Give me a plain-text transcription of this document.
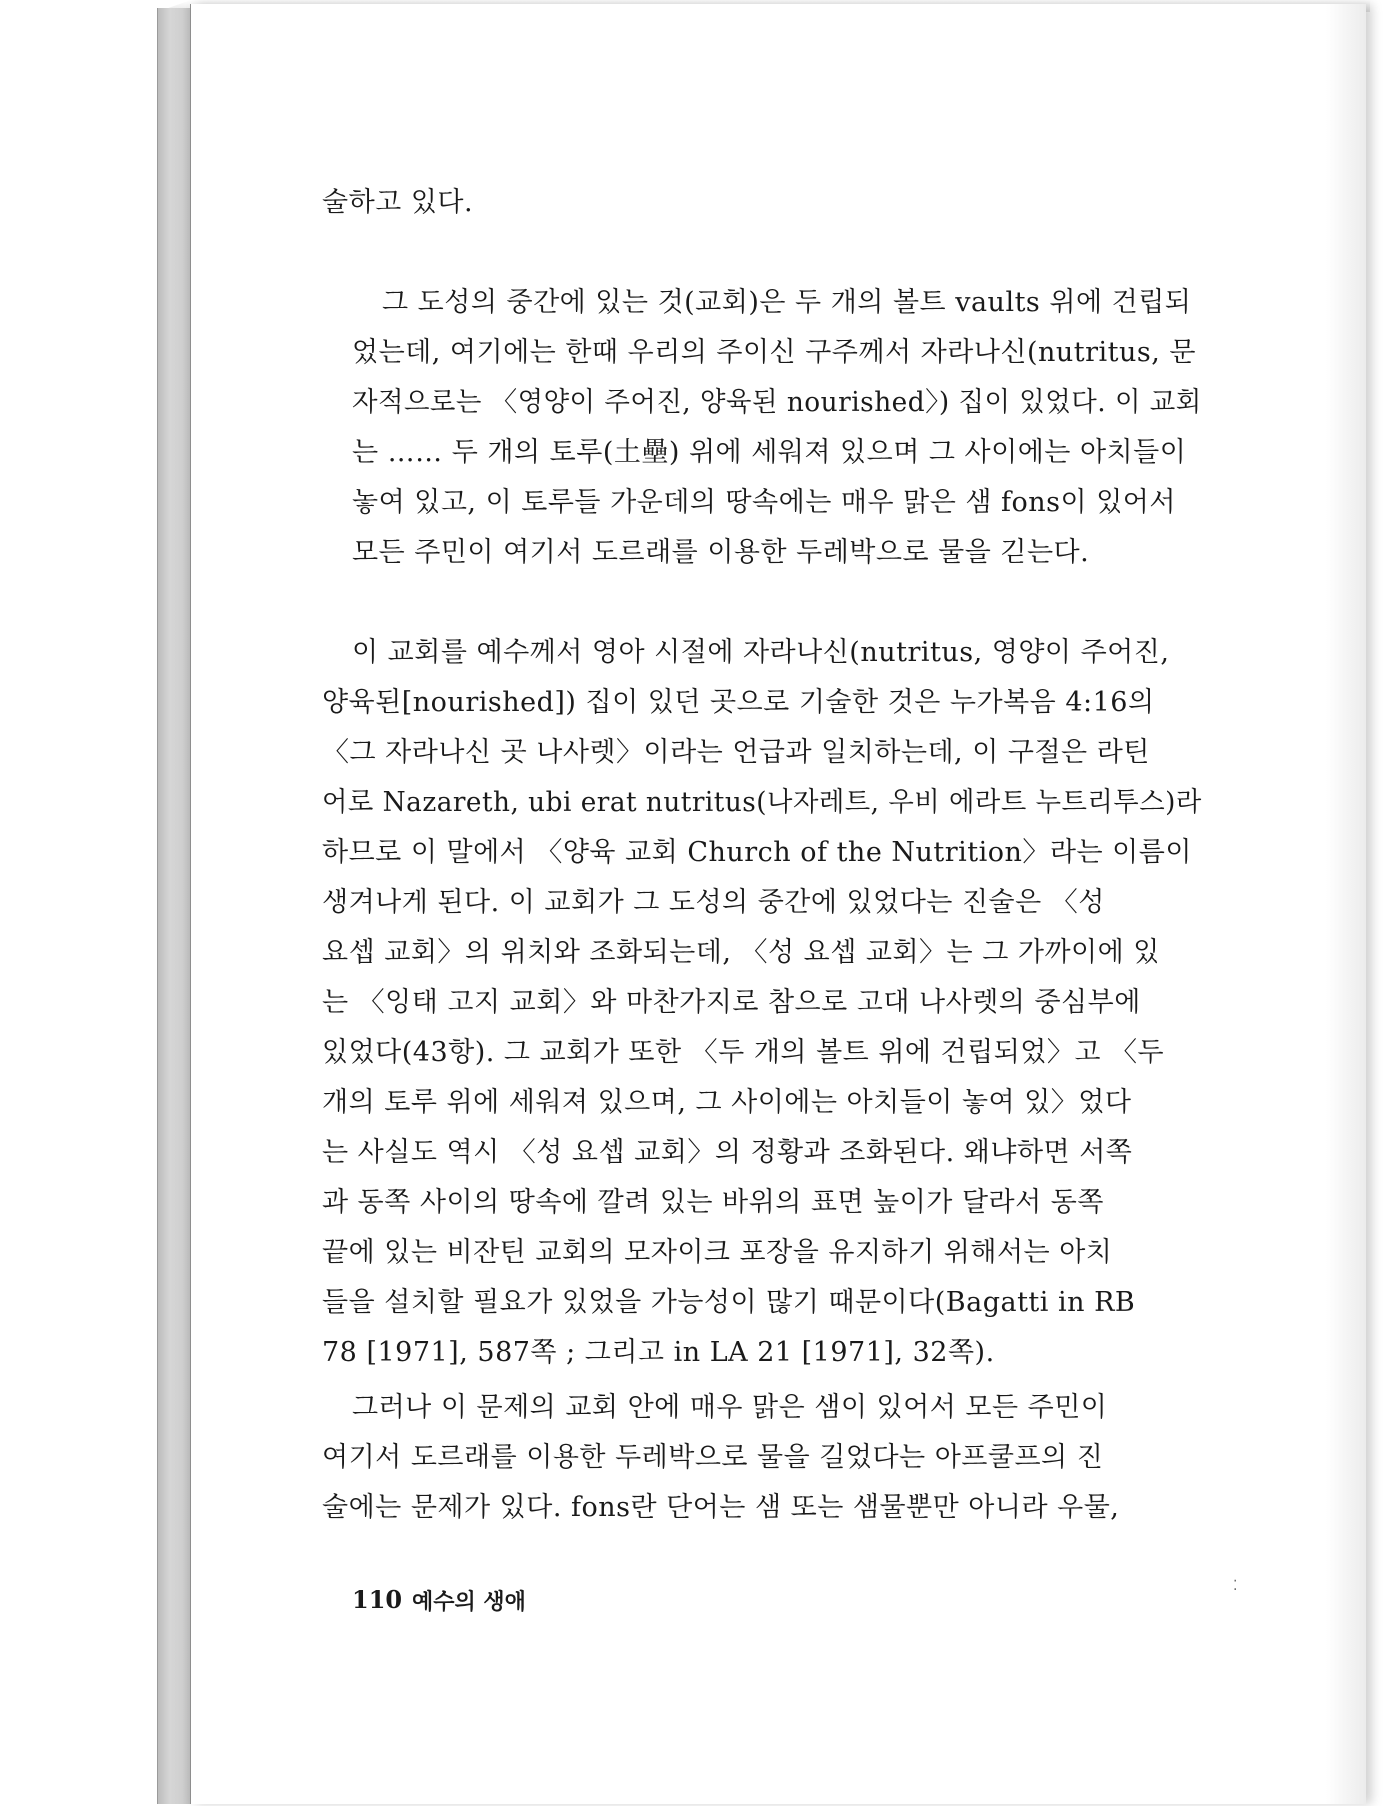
술하고 있다.
그 도성의 중간에 있는 것(교회)은 두 개의 볼트 vaults 위에 건립되
었는데, 여기에는 한때 우리의 주이신 구주께서 자라나신(nutritus, 문
자적으로는 〈영양이 주어진, 양육된 nourished〉) 집이 있었다. 이 교회
는 …… 두 개의 토루(土壘) 위에 세워져 있으며 그 사이에는 아치들이
놓여 있고, 이 토루들 가운데의 땅속에는 매우 맑은 샘 fons이 있어서
모든 주민이 여기서 도르래를 이용한 두레박으로 물을 긷는다.
이 교회를 예수께서 영아 시절에 자라나신(nutritus, 영양이 주어진,
양육된[nourished]) 집이 있던 곳으로 기술한 것은 누가복음 4:16의
〈그 자라나신 곳 나사렛〉이라는 언급과 일치하는데, 이 구절은 라틴
어로 Nazareth, ubi erat nutritus(나자레트, 우비 에라트 누트리투스)라
하므로 이 말에서 〈양육 교회 Church of the Nutrition〉라는 이름이
생겨나게 된다. 이 교회가 그 도성의 중간에 있었다는 진술은 〈성
요셉 교회〉의 위치와 조화되는데, 〈성 요셉 교회〉는 그 가까이에 있
는 〈잉태 고지 교회〉와 마찬가지로 참으로 고대 나사렛의 중심부에
있었다(43항). 그 교회가 또한 〈두 개의 볼트 위에 건립되었〉고 〈두
개의 토루 위에 세워져 있으며, 그 사이에는 아치들이 놓여 있〉었다
는 사실도 역시 〈성 요셉 교회〉의 정황과 조화된다. 왜냐하면 서쪽
과 동쪽 사이의 땅속에 깔려 있는 바위의 표면 높이가 달라서 동쪽
끝에 있는 비잔틴 교회의 모자이크 포장을 유지하기 위해서는 아치
들을 설치할 필요가 있었을 가능성이 많기 때문이다(Bagatti in RB
78 [1971], 587쪽 ; 그리고 in LA 21 [1971], 32쪽).
그러나 이 문제의 교회 안에 매우 맑은 샘이 있어서 모든 주민이
여기서 도르래를 이용한 두레박으로 물을 길었다는 아프쿨프의 진
술에는 문제가 있다. fons란 단어는 샘 또는 샘물뿐만 아니라 우물,
110 예수의 생애
⁚
